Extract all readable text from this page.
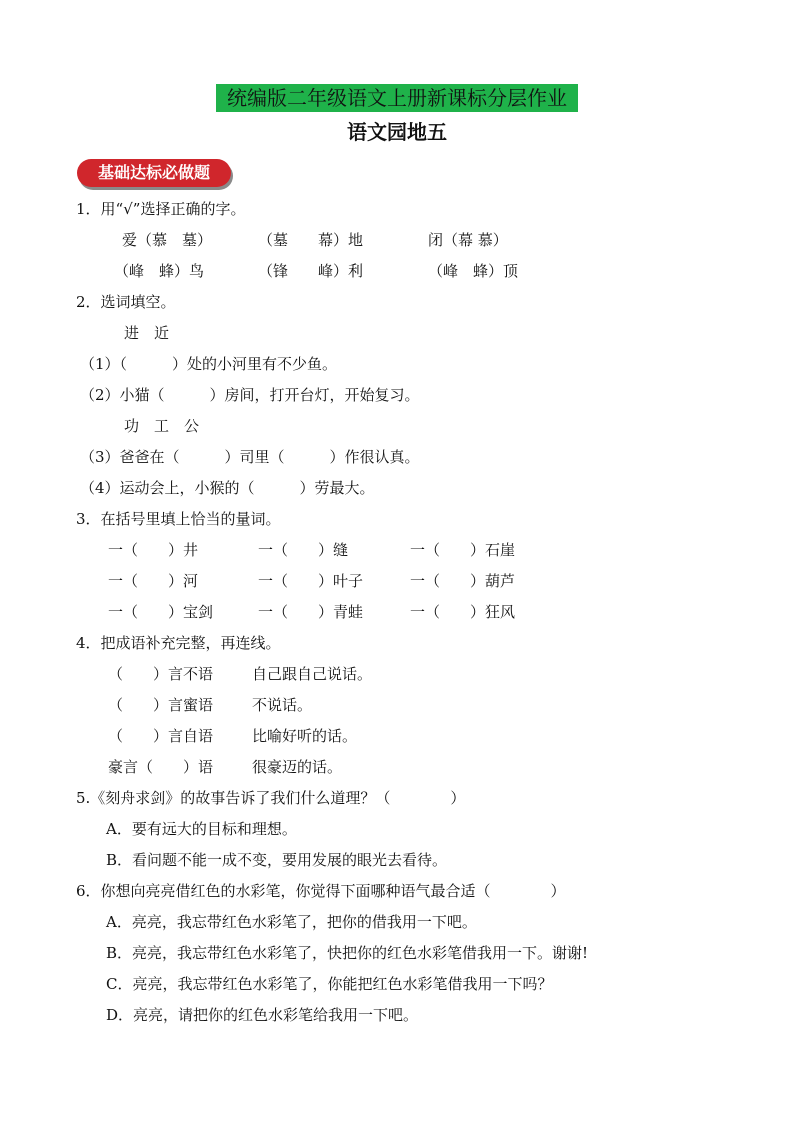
统编版二年级语文上册新课标分层作业
语文园地五
基础达标必做题
1．用“√”选择正确的字。
爱（慕　墓）	（墓　　幕）地	闭（幕 慕）
（峰　蜂）鸟	（锋　　峰）利	（峰　蜂）顶
2．选词填空。
进　近
（1）（　　　）处的小河里有不少鱼。
（2）小猫（　　　）房间，打开台灯，开始复习。
功　工　公
（3）爸爸在（　　　）司里（　　　）作很认真。
（4）运动会上，小猴的（　　　）劳最大。
3．在括号里填上恰当的量词。
一（　　）井	一（　　）缝	一（　　）石崖
一（　　）河	一（　　）叶子	一（　　）葫芦
一（　　）宝剑	一（　　）青蛙	一（　　）狂风
4．把成语补充完整，再连线。
（　　）言不语	自己跟自己说话。
（　　）言蜜语	不说话。
（　　）言自语	比喻好听的话。
豪言（　　）语	很豪迈的话。
5.《刻舟求剑》的故事告诉了我们什么道理？（　　　　）
A．要有远大的目标和理想。
B．看问题不能一成不变，要用发展的眼光去看待。
6．你想向亮亮借红色的水彩笔，你觉得下面哪种语气最合适（　　　　）
A．亮亮，我忘带红色水彩笔了，把你的借我用一下吧。
B．亮亮，我忘带红色水彩笔了，快把你的红色水彩笔借我用一下。谢谢!
C．亮亮，我忘带红色水彩笔了，你能把红色水彩笔借我用一下吗？
D．亮亮，请把你的红色水彩笔给我用一下吧。
